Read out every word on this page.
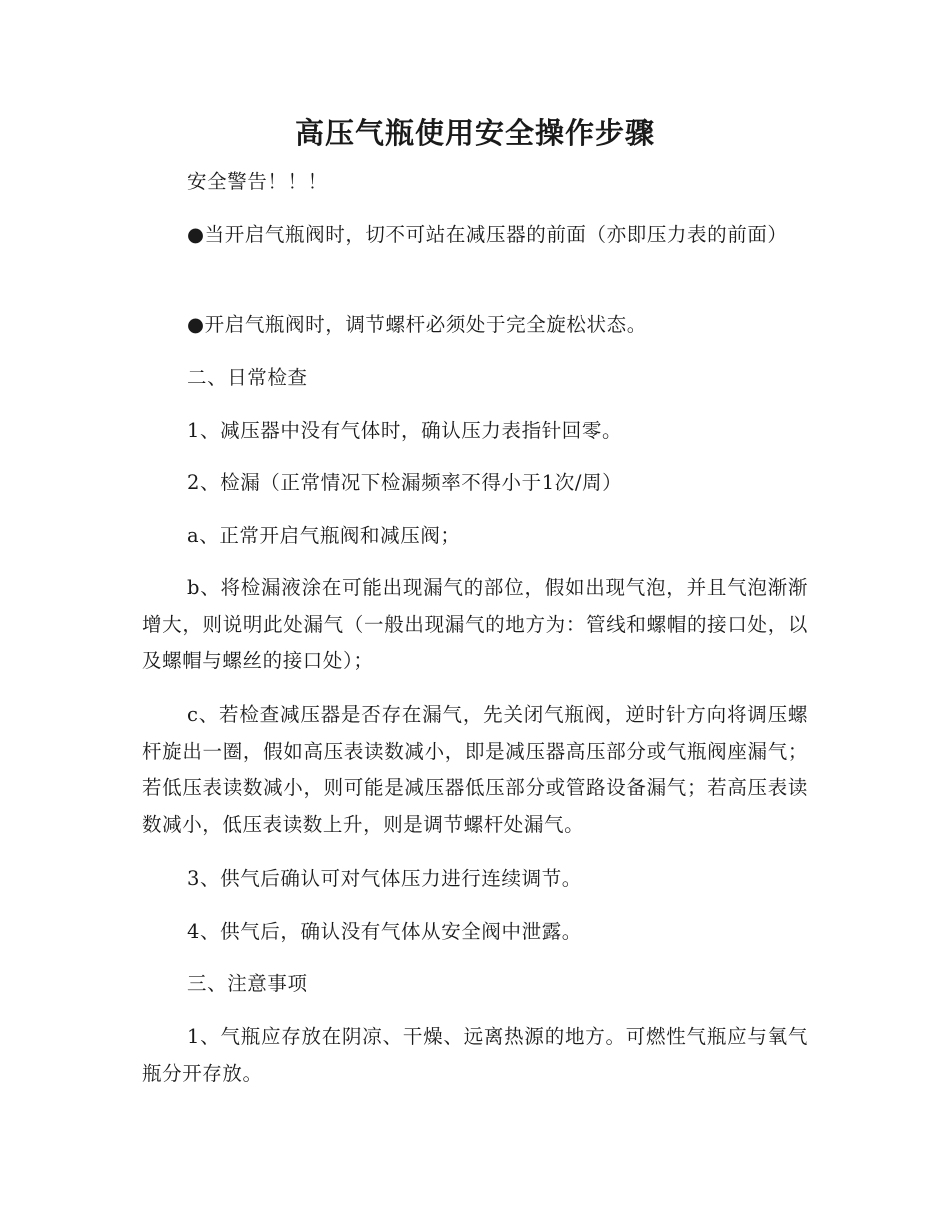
高压气瓶使用安全操作步骤

安全警告！！！

●当开启气瓶阀时，切不可站在减压器的前面（亦即压力表的前面）

●开启气瓶阀时，调节螺杆必须处于完全旋松状态。

二、日常检查

1、减压器中没有气体时，确认压力表指针回零。

2、检漏（正常情况下检漏频率不得小于1次/周）

a、正常开启气瓶阀和减压阀；

b、将检漏液涂在可能出现漏气的部位，假如出现气泡，并且气泡渐渐增大，则说明此处漏气（一般出现漏气的地方为：管线和螺帽的接口处，以及螺帽与螺丝的接口处）；

c、若检查减压器是否存在漏气，先关闭气瓶阀，逆时针方向将调压螺杆旋出一圈，假如高压表读数减小，即是减压器高压部分或气瓶阀座漏气；若低压表读数减小，则可能是减压器低压部分或管路设备漏气；若高压表读数减小，低压表读数上升，则是调节螺杆处漏气。

3、供气后确认可对气体压力进行连续调节。

4、供气后，确认没有气体从安全阀中泄露。

三、注意事项

1、气瓶应存放在阴凉、干燥、远离热源的地方。可燃性气瓶应与氧气瓶分开存放。
